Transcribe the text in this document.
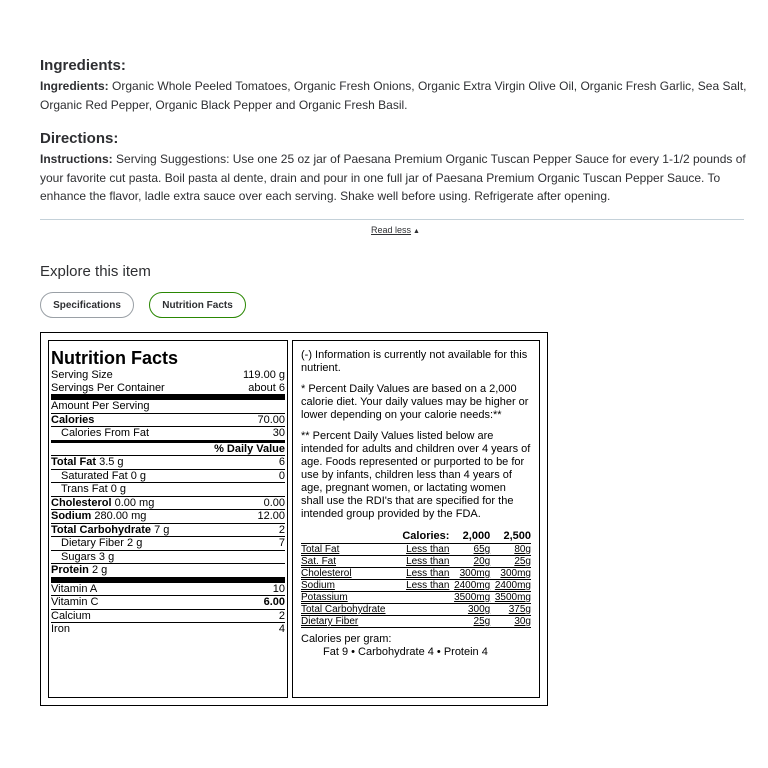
Ingredients:
Ingredients: Organic Whole Peeled Tomatoes, Organic Fresh Onions, Organic Extra Virgin Olive Oil, Organic Fresh Garlic, Sea Salt, Organic Red Pepper, Organic Black Pepper and Organic Fresh Basil.
Directions:
Instructions: Serving Suggestions: Use one 25 oz jar of Paesana Premium Organic Tuscan Pepper Sauce for every 1-1/2 pounds of your favorite cut pasta. Boil pasta al dente, drain and pour in one full jar of Paesana Premium Organic Tuscan Pepper Sauce. To enhance the flavor, ladle extra sauce over each serving. Shake well before using. Refrigerate after opening.
Read less ▲
Explore this item
Specifications	Nutrition Facts
Nutrition Facts
Serving Size	119.00 g
Servings Per Container	about 6
Amount Per Serving
Calories	70.00
Calories From Fat	30
% Daily Value
Total Fat 3.5 g	6
Saturated Fat 0 g	0
Trans Fat 0 g
Cholesterol 0.00 mg	0.00
Sodium 280.00 mg	12.00
Total Carbohydrate 7 g	2
Dietary Fiber 2 g	7
Sugars 3 g
Protein 2 g
Vitamin A	10
Vitamin C	6.00
Calcium	2
Iron	4

(-) Information is currently not available for this nutrient.

* Percent Daily Values are based on a 2,000 calorie diet. Your daily values may be higher or lower depending on your calorie needs:**

** Percent Daily Values listed below are intended for adults and children over 4 years of age. Foods represented or purported to be for use by infants, children less than 4 years of age, pregnant women, or lactating women shall use the RDI's that are specified for the intended group provided by the FDA.

	Calories:	2,000	2,500
Total Fat	Less than	65g	80g
Sat. Fat	Less than	20g	25g
Cholesterol	Less than	300mg	300mg
Sodium	Less than	2400mg	2400mg
Potassium		3500mg	3500mg
Total Carbohydrate		300g	375g
Dietary Fiber		25g	30g
Calories per gram:
Fat 9 • Carbohydrate 4 • Protein 4
